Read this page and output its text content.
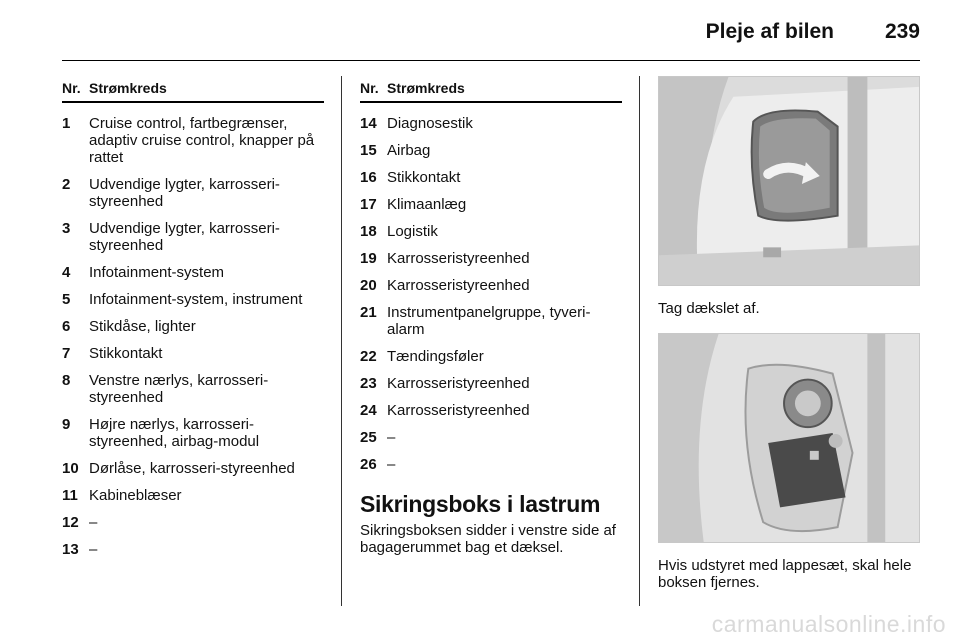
Pleje af bilen 239
Nr. Strømkreds
1	Cruise control, fartbegrænser, adaptiv cruise control, knapper på rattet
2	Udvendige lygter, karrosseri-styreenhed
3	Udvendige lygter, karrosseri-styreenhed
4	Infotainment-system
5	Infotainment-system, instrument
6	Stikdåse, lighter
7	Stikkontakt
8	Venstre nærlys, karrosseri-styreenhed
9	Højre nærlys, karrosseri-styreenhed, airbag-modul
10 Dørlåse, karrosseri-styreenhed
11 Kabineblæser
12 –
13 –
Nr. Strømkreds
14 Diagnosestik
15 Airbag
16 Stikkontakt
17 Klimaanlæg
18 Logistik
19 Karrosseristyreenhed
20 Karrosseristyreenhed
21 Instrumentpanelgruppe, tyveri-alarm
22 Tændingsføler
23 Karrosseristyreenhed
24 Karrosseristyreenhed
25 –
26 –
Sikringsboks i lastrum
Sikringsboksen sidder i venstre side af bagagerummet bag et dæksel.
Tag dækslet af.
Hvis udstyret med lappesæt, skal hele boksen fjernes.
carmanualsonline.info
